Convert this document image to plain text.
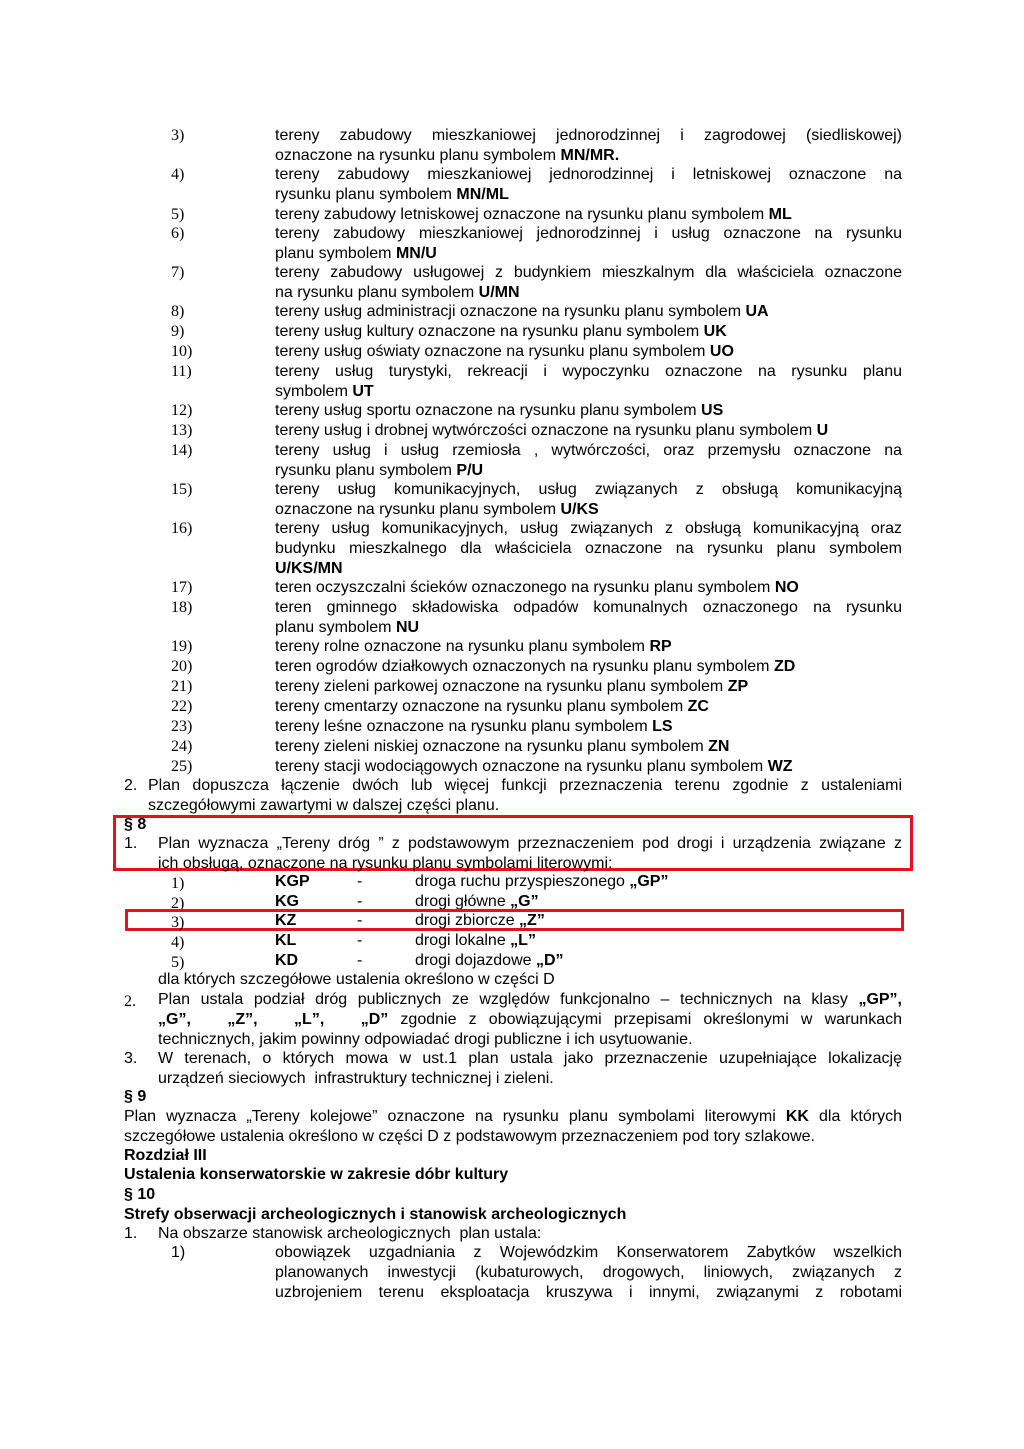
3)	tereny zabudowy mieszkaniowej jednorodzinnej i zagrodowej (siedliskowej)
oznaczone na rysunku planu symbolem MN/MR.
4)	tereny zabudowy mieszkaniowej jednorodzinnej i letniskowej oznaczone na
rysunku planu symbolem MN/ML
5)	tereny zabudowy letniskowej oznaczone na rysunku planu symbolem ML
6)	tereny zabudowy mieszkaniowej jednorodzinnej i usług oznaczone na rysunku
planu symbolem MN/U
7)	tereny zabudowy usługowej z budynkiem mieszkalnym dla właściciela oznaczone
na rysunku planu symbolem U/MN
8)	tereny usług administracji oznaczone na rysunku planu symbolem UA
9)	tereny usług kultury oznaczone na rysunku planu symbolem UK
10)	tereny usług oświaty oznaczone na rysunku planu symbolem UO
11)	tereny usług turystyki, rekreacji i wypoczynku oznaczone na rysunku planu
symbolem UT
12)	tereny usług sportu oznaczone na rysunku planu symbolem US
13)	tereny usług i drobnej wytwórczości oznaczone na rysunku planu symbolem U
14)	tereny usług i usług rzemiosła , wytwórczości, oraz przemysłu oznaczone na
rysunku planu symbolem P/U
15)	tereny usług komunikacyjnych, usług związanych z obsługą komunikacyjną
oznaczone na rysunku planu symbolem U/KS
16)	tereny usług komunikacyjnych, usług związanych z obsługą komunikacyjną oraz
budynku mieszkalnego dla właściciela oznaczone na rysunku planu symbolem
U/KS/MN
17)	teren oczyszczalni ścieków oznaczonego na rysunku planu symbolem NO
18)	teren gminnego składowiska odpadów komunalnych oznaczonego na rysunku
planu symbolem NU
19)	tereny rolne oznaczone na rysunku planu symbolem RP
20)	teren ogrodów działkowych oznaczonych na rysunku planu symbolem ZD
21)	tereny zieleni parkowej oznaczone na rysunku planu symbolem ZP
22)	tereny cmentarzy oznaczone na rysunku planu symbolem ZC
23)	tereny leśne oznaczone na rysunku planu symbolem LS
24)	tereny zieleni niskiej oznaczone na rysunku planu symbolem ZN
25)	tereny stacji wodociągowych oznaczone na rysunku planu symbolem WZ
2. Plan dopuszcza łączenie dwóch lub więcej funkcji przeznaczenia terenu zgodnie z ustaleniami
szczegółowymi zawartymi w dalszej części planu.
§ 8
1. Plan wyznacza „Tereny dróg ” z podstawowym przeznaczeniem pod drogi i urządzenia związane z
ich obsługą, oznaczone na rysunku planu symbolami literowymi:
1)	KGP	-	droga ruchu przyspieszonego „GP”
2)	KG	-	drogi główne „G”
3)	KZ	-	drogi zbiorcze „Z”
4)	KL	-	drogi lokalne „L”
5)	KD	-	drogi dojazdowe „D”
dla których szczegółowe ustalenia określono w części D
2. Plan ustala podział dróg publicznych ze względów funkcjonalno – technicznych na klasy „GP”,
„G”,   „Z”,   „L”,   „D” zgodnie z obowiązującymi przepisami określonymi w warunkach
technicznych, jakim powinny odpowiadać drogi publiczne i ich usytuowanie.
3. W terenach, o których mowa w ust.1 plan ustala jako przeznaczenie uzupełniające lokalizację
urządzeń sieciowych  infrastruktury technicznej i zieleni.
§ 9
Plan wyznacza „Tereny kolejowe” oznaczone na rysunku planu symbolami literowymi KK dla których
szczegółowe ustalenia określono w części D z podstawowym przeznaczeniem pod tory szlakowe.
Rozdział III
Ustalenia konserwatorskie w zakresie dóbr kultury
§ 10
Strefy obserwacji archeologicznych i stanowisk archeologicznych
1. Na obszarze stanowisk archeologicznych  plan ustala:
1)	obowiązek uzgadniania z Wojewódzkim Konserwatorem Zabytków wszelkich
planowanych inwestycji (kubaturowych, drogowych, liniowych, związanych z
uzbrojeniem terenu eksploatacja kruszywa i innymi, związanymi z robotami
